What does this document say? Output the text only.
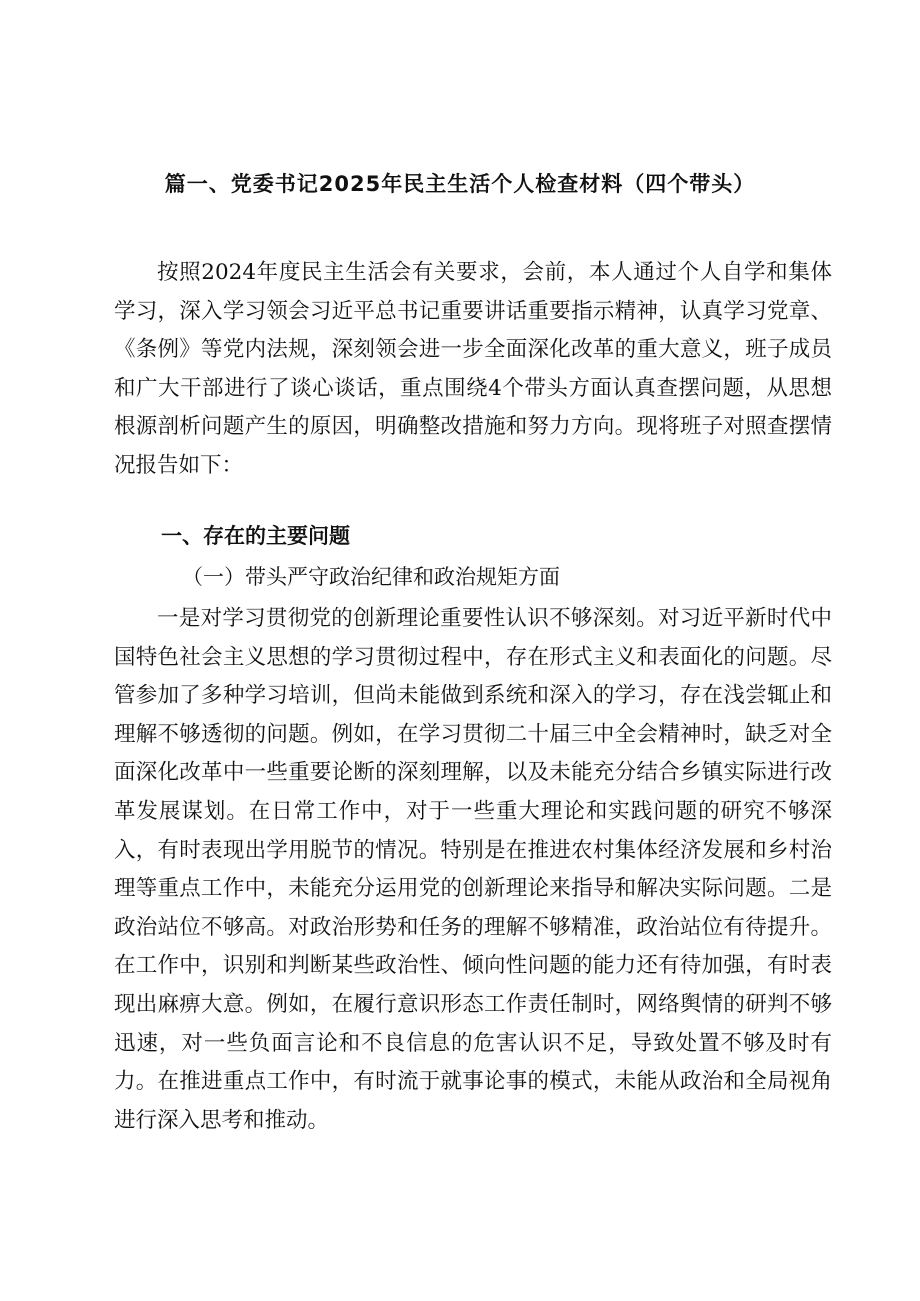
篇一、党委书记2025年民主生活个人检查材料（四个带头）
按照2024年度民主生活会有关要求，会前，本人通过个人自学和集体学习，深入学习领会习近平总书记重要讲话重要指示精神，认真学习党章、《条例》等党内法规，深刻领会进一步全面深化改革的重大意义，班子成员和广大干部进行了谈心谈话，重点围绕4个带头方面认真查摆问题，从思想根源剖析问题产生的原因，明确整改措施和努力方向。现将班子对照查摆情况报告如下：
一、存在的主要问题
（一）带头严守政治纪律和政治规矩方面
一是对学习贯彻党的创新理论重要性认识不够深刻。对习近平新时代中国特色社会主义思想的学习贯彻过程中，存在形式主义和表面化的问题。尽管参加了多种学习培训，但尚未能做到系统和深入的学习，存在浅尝辄止和理解不够透彻的问题。例如，在学习贯彻二十届三中全会精神时，缺乏对全面深化改革中一些重要论断的深刻理解，以及未能充分结合乡镇实际进行改革发展谋划。在日常工作中，对于一些重大理论和实践问题的研究不够深入，有时表现出学用脱节的情况。特别是在推进农村集体经济发展和乡村治理等重点工作中，未能充分运用党的创新理论来指导和解决实际问题。二是政治站位不够高。对政治形势和任务的理解不够精准，政治站位有待提升。在工作中，识别和判断某些政治性、倾向性问题的能力还有待加强，有时表现出麻痹大意。例如，在履行意识形态工作责任制时，网络舆情的研判不够迅速，对一些负面言论和不良信息的危害认识不足，导致处置不够及时有力。在推进重点工作中，有时流于就事论事的模式，未能从政治和全局视角进行深入思考和推动。
